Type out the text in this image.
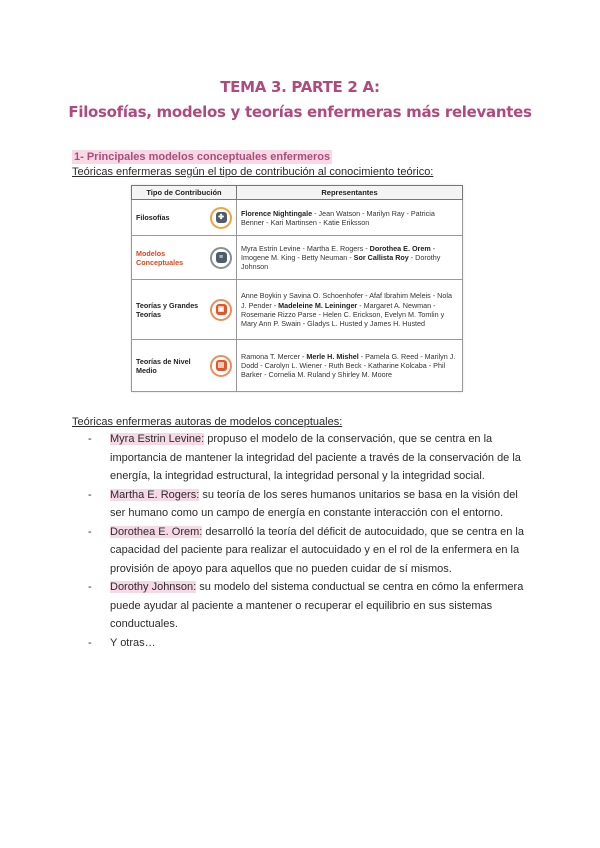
TEMA 3. PARTE 2 A:
Filosofías, modelos y teorías enfermeras más relevantes
1- Principales modelos conceptuales enfermeros
Teóricas enfermeras según el tipo de contribución al conocimiento teórico:
Tipo de Contribución	Representantes

Filosofías ✤	Florence Nightingale - Jean Watson - Marilyn Ray - Patricia Benner - Kari Martinsen - Katie Eriksson

Modelos Conceptuales ≡	Myra Estrin Levine - Martha E. Rogers - Dorothea E. Orem - Imogene M. King - Betty Neuman - Sor Callista Roy - Dorothy Johnson

Teorías y Grandes Teorías ▣	Anne Boykin y Savina O. Schoenhofer - Afaf Ibrahim Meleis - Nola J. Pender - Madeleine M. Leininger - Margaret A. Newman - Rosemarie Rizzo Parse - Helen C. Erickson, Evelyn M. Tomlin y Mary Ann P. Swain - Gladys L. Husted y James H. Husted

Teorías de Nivel Medio ▤	Ramona T. Mercer - Merle H. Mishel - Pamela G. Reed - Marilyn J. Dodd - Carolyn L. Wiener - Ruth Beck - Katharine Kolcaba - Phil Barker - Cornelia M. Ruland y Shirley M. Moore
Teóricas enfermeras autoras de modelos conceptuales:
- Myra Estrin Levine: propuso el modelo de la conservación, que se centra en la importancia de mantener la integridad del paciente a través de la conservación de la energía, la integridad estructural, la integridad personal y la integridad social.
- Martha E. Rogers: su teoría de los seres humanos unitarios se basa en la visión del ser humano como un campo de energía en constante interacción con el entorno.
- Dorothea E. Orem: desarrolló la teoría del déficit de autocuidado, que se centra en la capacidad del paciente para realizar el autocuidado y en el rol de la enfermera en la provisión de apoyo para aquellos que no pueden cuidar de sí mismos.
- Dorothy Johnson: su modelo del sistema conductual se centra en cómo la enfermera puede ayudar al paciente a mantener o recuperar el equilibrio en sus sistemas conductuales.
- Y otras…
